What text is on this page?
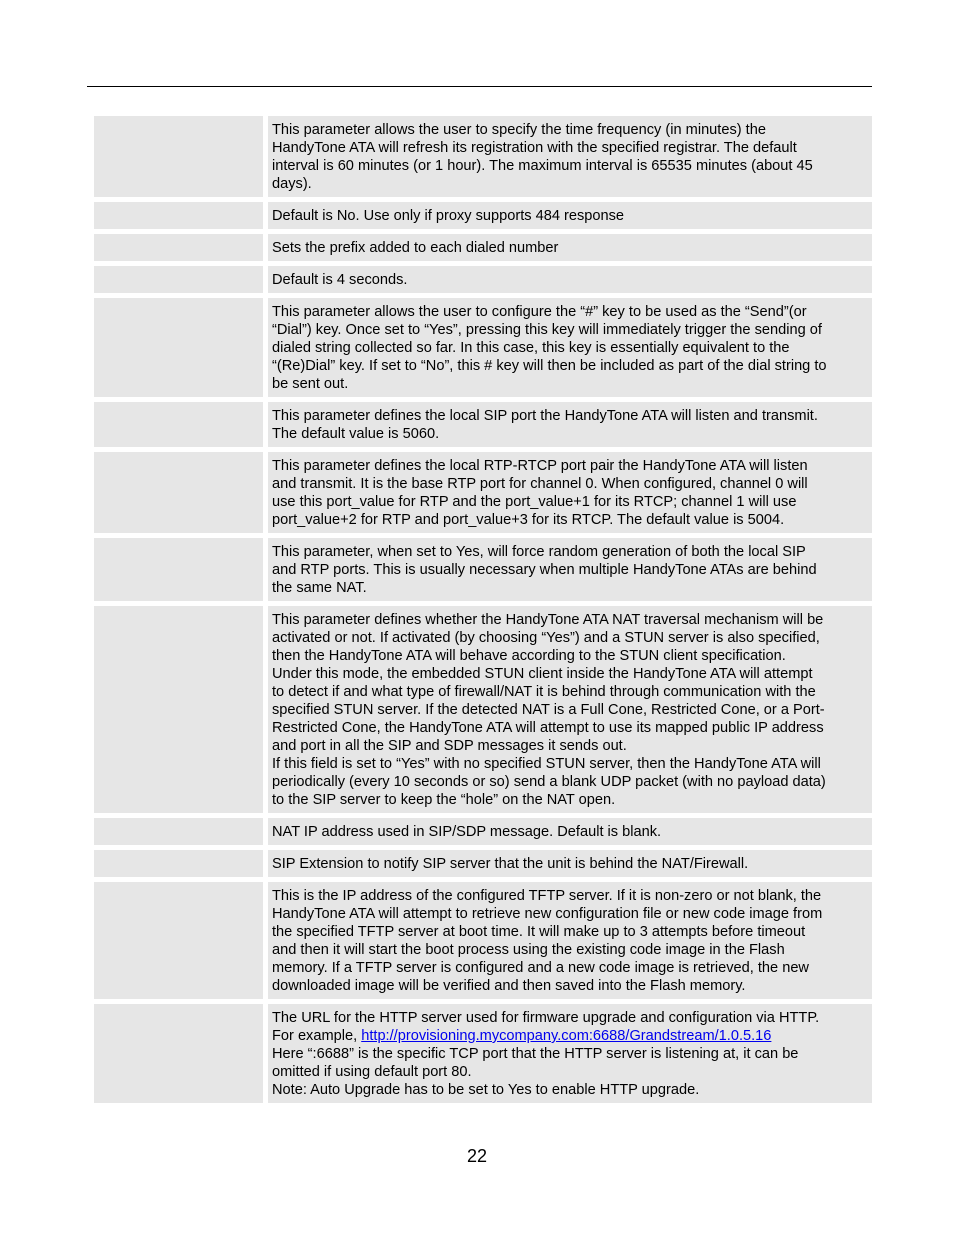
This parameter allows the user to specify the time frequency (in minutes) the
HandyTone ATA will refresh its registration with the specified registrar. The default
interval is 60 minutes (or 1 hour). The maximum interval is 65535 minutes (about 45
days).
Default is No. Use only if proxy supports 484 response
Sets the prefix added to each dialed number
Default is 4 seconds.
This parameter allows the user to configure the “#” key to be used as the “Send”(or
“Dial”) key. Once set to “Yes”, pressing this key will immediately trigger the sending of
dialed string collected so far. In this case, this key is essentially equivalent to the
“(Re)Dial” key. If set to “No”, this # key will then be included as part of the dial string to
be sent out.
This parameter defines the local SIP port the HandyTone ATA will listen and transmit.
The default value is 5060.
This parameter defines the local RTP-RTCP port pair the HandyTone ATA will listen
and transmit. It is the base RTP port for channel 0. When configured, channel 0 will
use this port_value for RTP and the port_value+1 for its RTCP; channel 1 will use
port_value+2 for RTP and port_value+3 for its RTCP. The default value is 5004.
This parameter, when set to Yes, will force random generation of both the local SIP
and RTP ports. This is usually necessary when multiple HandyTone ATAs are behind
the same NAT.
This parameter defines whether the HandyTone ATA NAT traversal mechanism will be
activated or not. If activated (by choosing “Yes”) and a STUN server is also specified,
then the HandyTone ATA will behave according to the STUN client specification.
Under this mode, the embedded STUN client inside the HandyTone ATA will attempt
to detect if and what type of firewall/NAT it is behind through communication with the
specified STUN server. If the detected NAT is a Full Cone, Restricted Cone, or a Port-
Restricted Cone, the HandyTone ATA will attempt to use its mapped public IP address
and port in all the SIP and SDP messages it sends out.
If this field is set to “Yes” with no specified STUN server, then the HandyTone ATA will
periodically (every 10 seconds or so) send a blank UDP packet (with no payload data)
to the SIP server to keep the “hole” on the NAT open.
NAT IP address used in SIP/SDP message. Default is blank.
SIP Extension to notify SIP server that the unit is behind the NAT/Firewall.
This is the IP address of the configured TFTP server. If it is non-zero or not blank, the
HandyTone ATA will attempt to retrieve new configuration file or new code image from
the specified TFTP server at boot time. It will make up to 3 attempts before timeout
and then it will start the boot process using the existing code image in the Flash
memory. If a TFTP server is configured and a new code image is retrieved, the new
downloaded image will be verified and then saved into the Flash memory.
The URL for the HTTP server used for firmware upgrade and configuration via HTTP.
For example, http://provisioning.mycompany.com:6688/Grandstream/1.0.5.16
Here “:6688” is the specific TCP port that the HTTP server is listening at, it can be
omitted if using default port 80.
Note: Auto Upgrade has to be set to Yes to enable HTTP upgrade.
22
